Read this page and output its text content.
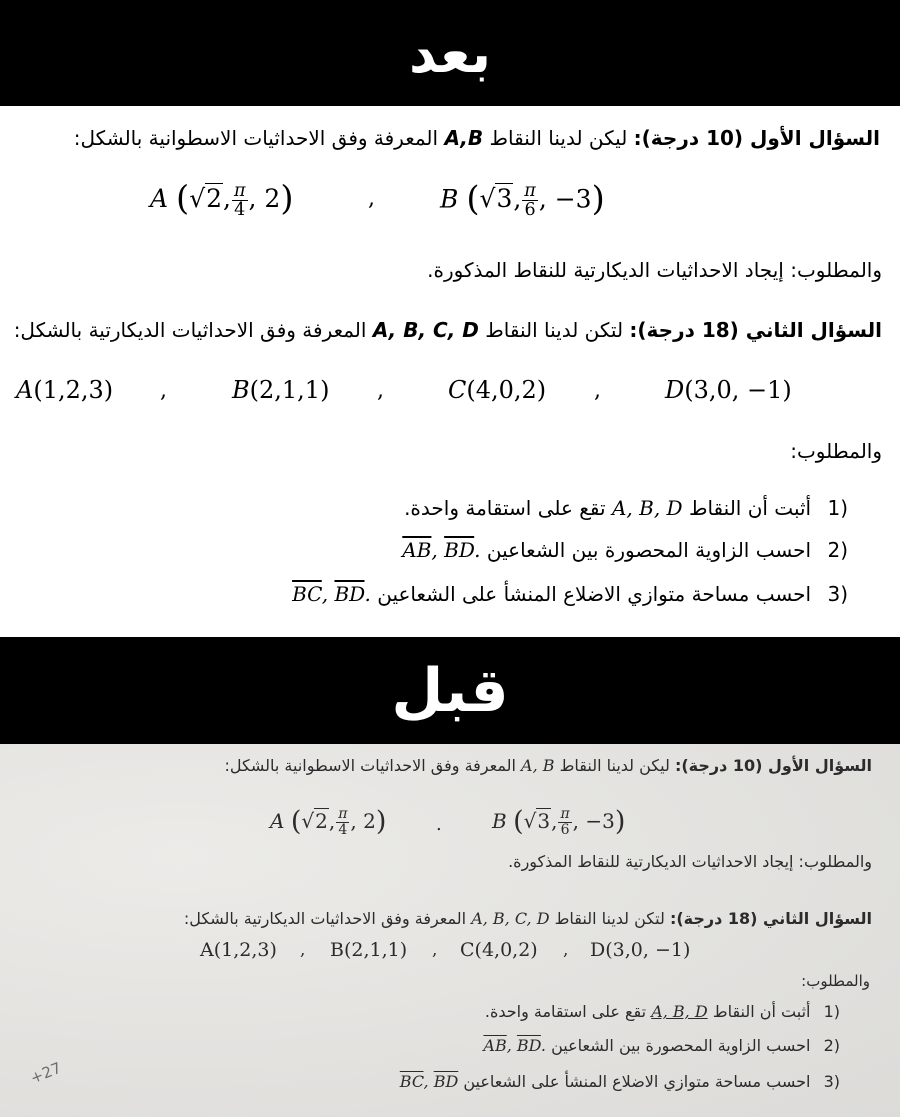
بعد
السؤال الأول (10 درجة): ليكن لدينا النقاط A,B المعرفة وفق الاحداثيات الاسطوانية بالشكل:
A (√2, $\frac{\pi}{4}$ , 2)	,	B (√3, $\frac{\pi}{6}$ , −3)
والمطلوب: إيجاد الاحداثيات الديكارتية للنقاط المذكورة.
السؤال الثاني (18 درجة): لتكن لدينا النقاط A, B, C, D المعرفة وفق الاحداثيات الديكارتية بالشكل:
A(1,2,3) ,	B(2,1,1) ,	C(4,0,2) ,	D(3,0, −1)
والمطلوب:
1) أثبت أن النقاط A, B, D تقع على استقامة واحدة.
2) احسب الزاوية المحصورة بين الشعاعين $\overline{AB}$, $\overline{BD}$.
3) احسب مساحة متوازي الاضلاع المنشأ على الشعاعين $\overline{BC}$, $\overline{BD}$.
قبل
السؤال الأول (10 درجة): ليكن لدينا النقاط A, B المعرفة وفق الاحداثيات الاسطوانية بالشكل:
A (√2, $\frac{\pi}{4}$ , 2)	.	B (√3, $\frac{\pi}{6}$ , −3)
والمطلوب: إيجاد الاحداثيات الديكارتية للنقاط المذكورة.
السؤال الثاني (18 درجة): لتكن لدينا النقاط A, B, C, D المعرفة وفق الاحداثيات الديكارتية بالشكل:
A(1,2,3) , B(2,1,1) , C(4,0,2) , D(3,0, −1)
والمطلوب:
1) أثبت أن النقاط A, B, D تقع على استقامة واحدة.
2) احسب الزاوية المحصورة بين الشعاعين $\overline{AB}$, $\overline{BD}$.
3) احسب مساحة متوازي الاضلاع المنشأ على الشعاعين $\overline{BC}$, $\overline{BD}$
+27
